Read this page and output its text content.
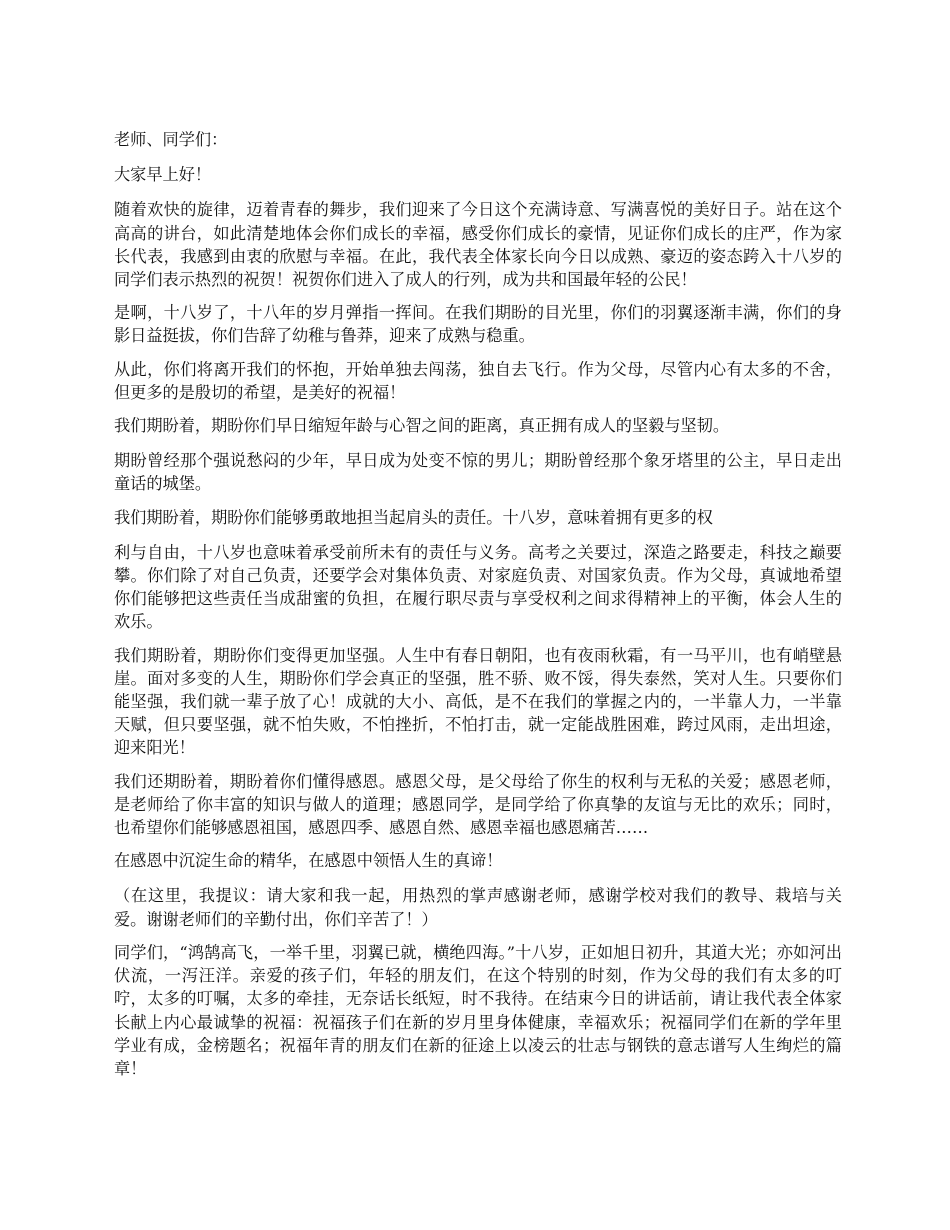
老师、同学们：

大家早上好！

随着欢快的旋律，迈着青春的舞步，我们迎来了今日这个充满诗意、写满喜悦的美好日子。站在这个高高的讲台，如此清楚地体会你们成长的幸福，感受你们成长的豪情，见证你们成长的庄严，作为家长代表，我感到由衷的欣慰与幸福。在此，我代表全体家长向今日以成熟、豪迈的姿态跨入十八岁的同学们表示热烈的祝贺！祝贺你们进入了成人的行列，成为共和国最年轻的公民！

是啊，十八岁了，十八年的岁月弹指一挥间。在我们期盼的目光里，你们的羽翼逐渐丰满，你们的身影日益挺拔，你们告辞了幼稚与鲁莽，迎来了成熟与稳重。

从此，你们将离开我们的怀抱，开始单独去闯荡，独自去飞行。作为父母，尽管内心有太多的不舍，但更多的是殷切的希望，是美好的祝福！

我们期盼着，期盼你们早日缩短年龄与心智之间的距离，真正拥有成人的坚毅与坚韧。

期盼曾经那个强说愁闷的少年，早日成为处变不惊的男儿；期盼曾经那个象牙塔里的公主，早日走出童话的城堡。

我们期盼着，期盼你们能够勇敢地担当起肩头的责任。十八岁，意味着拥有更多的权

利与自由，十八岁也意味着承受前所未有的责任与义务。高考之关要过，深造之路要走，科技之巅要攀。你们除了对自己负责，还要学会对集体负责、对家庭负责、对国家负责。作为父母，真诚地希望你们能够把这些责任当成甜蜜的负担，在履行职尽责与享受权利之间求得精神上的平衡，体会人生的欢乐。

我们期盼着，期盼你们变得更加坚强。人生中有春日朝阳，也有夜雨秋霜，有一马平川，也有峭壁悬崖。面对多变的人生，期盼你们学会真正的坚强，胜不骄、败不馁，得失泰然，笑对人生。只要你们能坚强，我们就一辈子放了心！成就的大小、高低，是不在我们的掌握之内的，一半靠人力，一半靠天赋，但只要坚强，就不怕失败，不怕挫折，不怕打击，就一定能战胜困难，跨过风雨，走出坦途，迎来阳光！

我们还期盼着，期盼着你们懂得感恩。感恩父母，是父母给了你生的权利与无私的关爱；感恩老师，是老师给了你丰富的知识与做人的道理；感恩同学，是同学给了你真挚的友谊与无比的欢乐；同时，也希望你们能够感恩祖国，感恩四季、感恩自然、感恩幸福也感恩痛苦……

在感恩中沉淀生命的精华，在感恩中领悟人生的真谛！

（在这里，我提议：请大家和我一起，用热烈的掌声感谢老师，感谢学校对我们的教导、栽培与关爱。谢谢老师们的辛勤付出，你们辛苦了！）

同学们，“鸿鹄高飞，一举千里，羽翼已就，横绝四海。”十八岁，正如旭日初升，其道大光；亦如河出伏流，一泻汪洋。亲爱的孩子们，年轻的朋友们，在这个特别的时刻，作为父母的我们有太多的叮咛，太多的叮嘱，太多的牵挂，无奈话长纸短，时不我待。在结束今日的讲话前，请让我代表全体家长献上内心最诚挚的祝福：祝福孩子们在新的岁月里身体健康，幸福欢乐；祝福同学们在新的学年里学业有成，金榜题名；祝福年青的朋友们在新的征途上以凌云的壮志与钢铁的意志谱写人生绚烂的篇章！
